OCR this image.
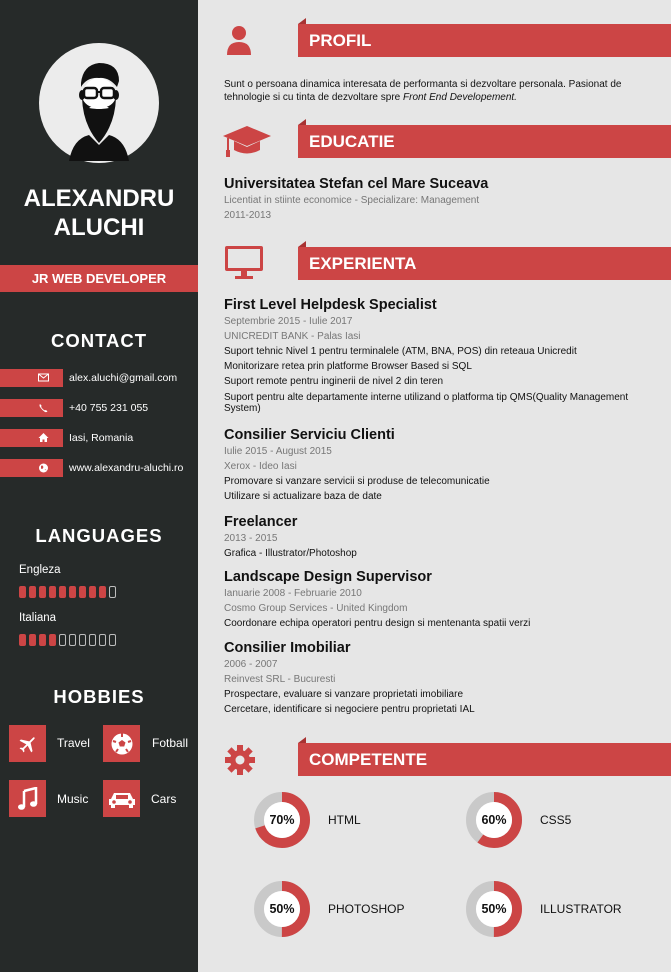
ALEXANDRU
ALUCHI
JR WEB DEVELOPER
CONTACT
alex.aluchi@gmail.com
+40 755 231 055
Iasi, Romania
www.alexandru-aluchi.ro
LANGUAGES
Engleza
Italiana
HOBBIES
Travel	Fotball
Music	Cars
PROFIL
Sunt o persoana dinamica interesata de performanta si dezvoltare personala. Pasionat de tehnologie si cu tinta de dezvoltare spre Front End Developement.
EDUCATIE
Universitatea Stefan cel Mare Suceava
Licentiat in stiinte economice - Specializare: Management
2011-2013
EXPERIENTA
First Level Helpdesk Specialist
Septembrie 2015 - Iulie 2017
UNICREDIT BANK - Palas Iasi
Suport tehnic Nivel 1 pentru terminalele (ATM, BNA, POS) din reteaua Unicredit
Monitorizare retea prin platforme Browser Based si SQL
Suport remote pentru inginerii de nivel 2 din teren
Suport pentru alte departamente interne utilizand o platforma tip QMS(Quality Management System)
Consilier Serviciu Clienti
Iulie 2015 - August 2015
Xerox - Ideo Iasi
Promovare si vanzare servicii si produse de telecomunicatie
Utilizare si actualizare baza de date
Freelancer
2013 - 2015
Grafica - Illustrator/Photoshop
Landscape Design Supervisor
Ianuarie 2008 - Februarie 2010
Cosmo Group Services - United Kingdom
Coordonare echipa operatori pentru design si mentenanta spatii verzi
Consilier Imobiliar
2006 - 2007
Reinvest SRL - Bucuresti
Prospectare, evaluare si vanzare proprietati imobiliare
Cercetare, identificare si negociere pentru proprietati IAL
COMPETENTE
70%	HTML	60%	CSS5
50%	PHOTOSHOP	50%	ILLUSTRATOR
